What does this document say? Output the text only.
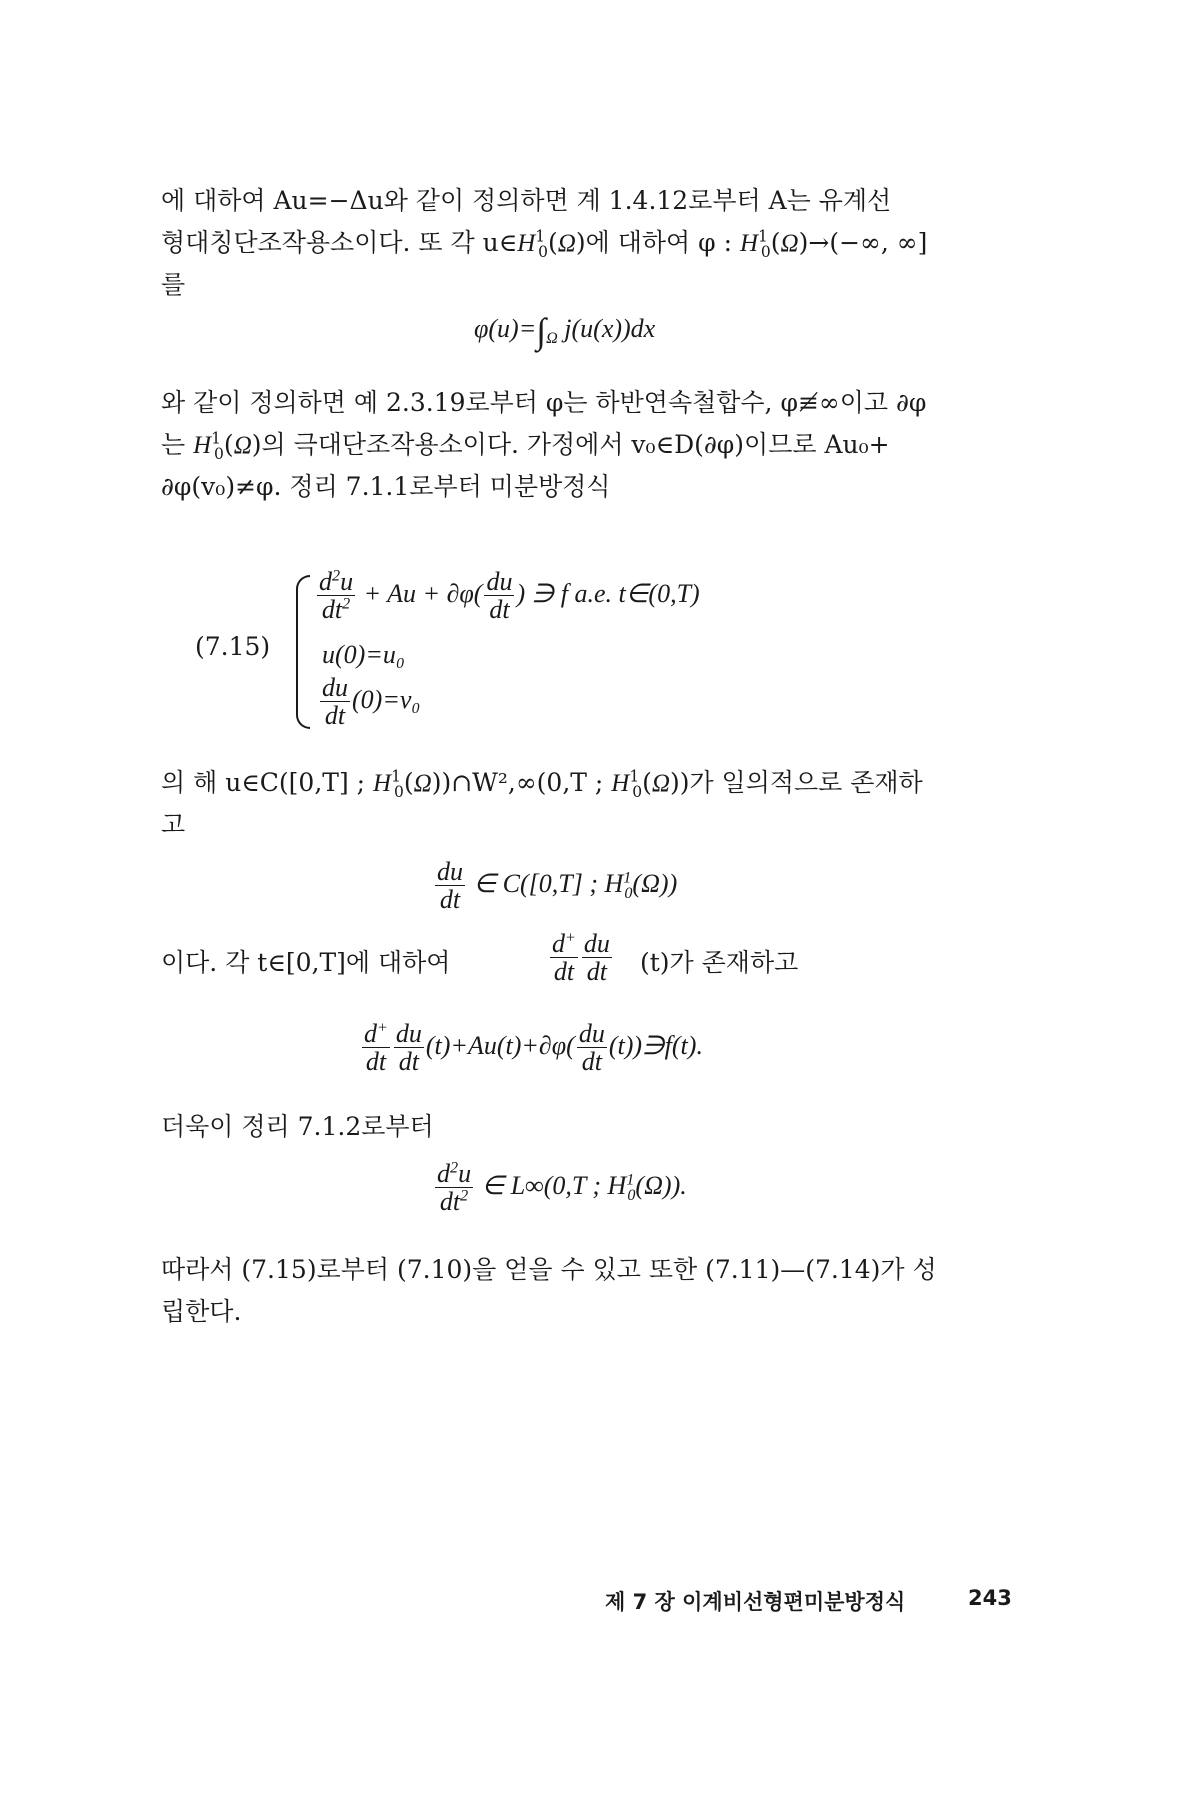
에 대하여 Au=−Δu와 같이 정의하면 계 1.4.12로부터 A는 유계선
형대칭단조작용소이다. 또 각 $u\in H^1_0(\Omega)$에 대하여 φ : $H^1_0(\Omega)\to(-\infty$, ∞]
를
$\varphi(u)=\int_\Omega$ j(u(x))dx
와 같이 정의하면 예 2.3.19로부터 φ는 하반연속철합수, φ≢∞이고 ∂φ
는 $H^1_0(\Omega)$의 극대단조작용소이다. 가정에서 v₀∈D(∂φ)이므로 Au₀+
∂φ(v₀)≠φ. 정리 7.1.1로부터 미분방정식
(7.15)
$\frac{d^2u}{dt^2} + Au + \partial\varphi( \frac{du}{dt}$ ) ∋ f a.e. t∈(0,T)
u(0)=u₀
$\frac{du}{dt} (0)=v_0$
의 해 u∈C([0,T] ; $H^1_0(\Omega))\cap W^2,\infty(0,T$ ; $H^1_0(\Omega)$)가 일의적으로 존재하
고
$\frac{du}{dt}$ ∈ C([0,T] ; $H^1_0(\Omega)$)
이다. 각 t∈[0,T]에 대하여	$\frac{d^+}{dt} \frac{du}{dt} (t)$가 존재하고
$\frac{d^+}{dt} \frac{du}{dt} (t)+Au(t)+\partial\varphi( \frac{du}{dt}$ (t))∋f(t).
더욱이 정리 7.1.2로부터
$\frac{d^2u}{dt^2}$ ∈ L∞(0,T ; $H^1_0(\Omega)$).
따라서 (7.15)로부터 (7.10)을 얻을 수 있고 또한 (7.11)—(7.14)가 성
립한다.
제 7 장 이계비선형편미분방정식	243
